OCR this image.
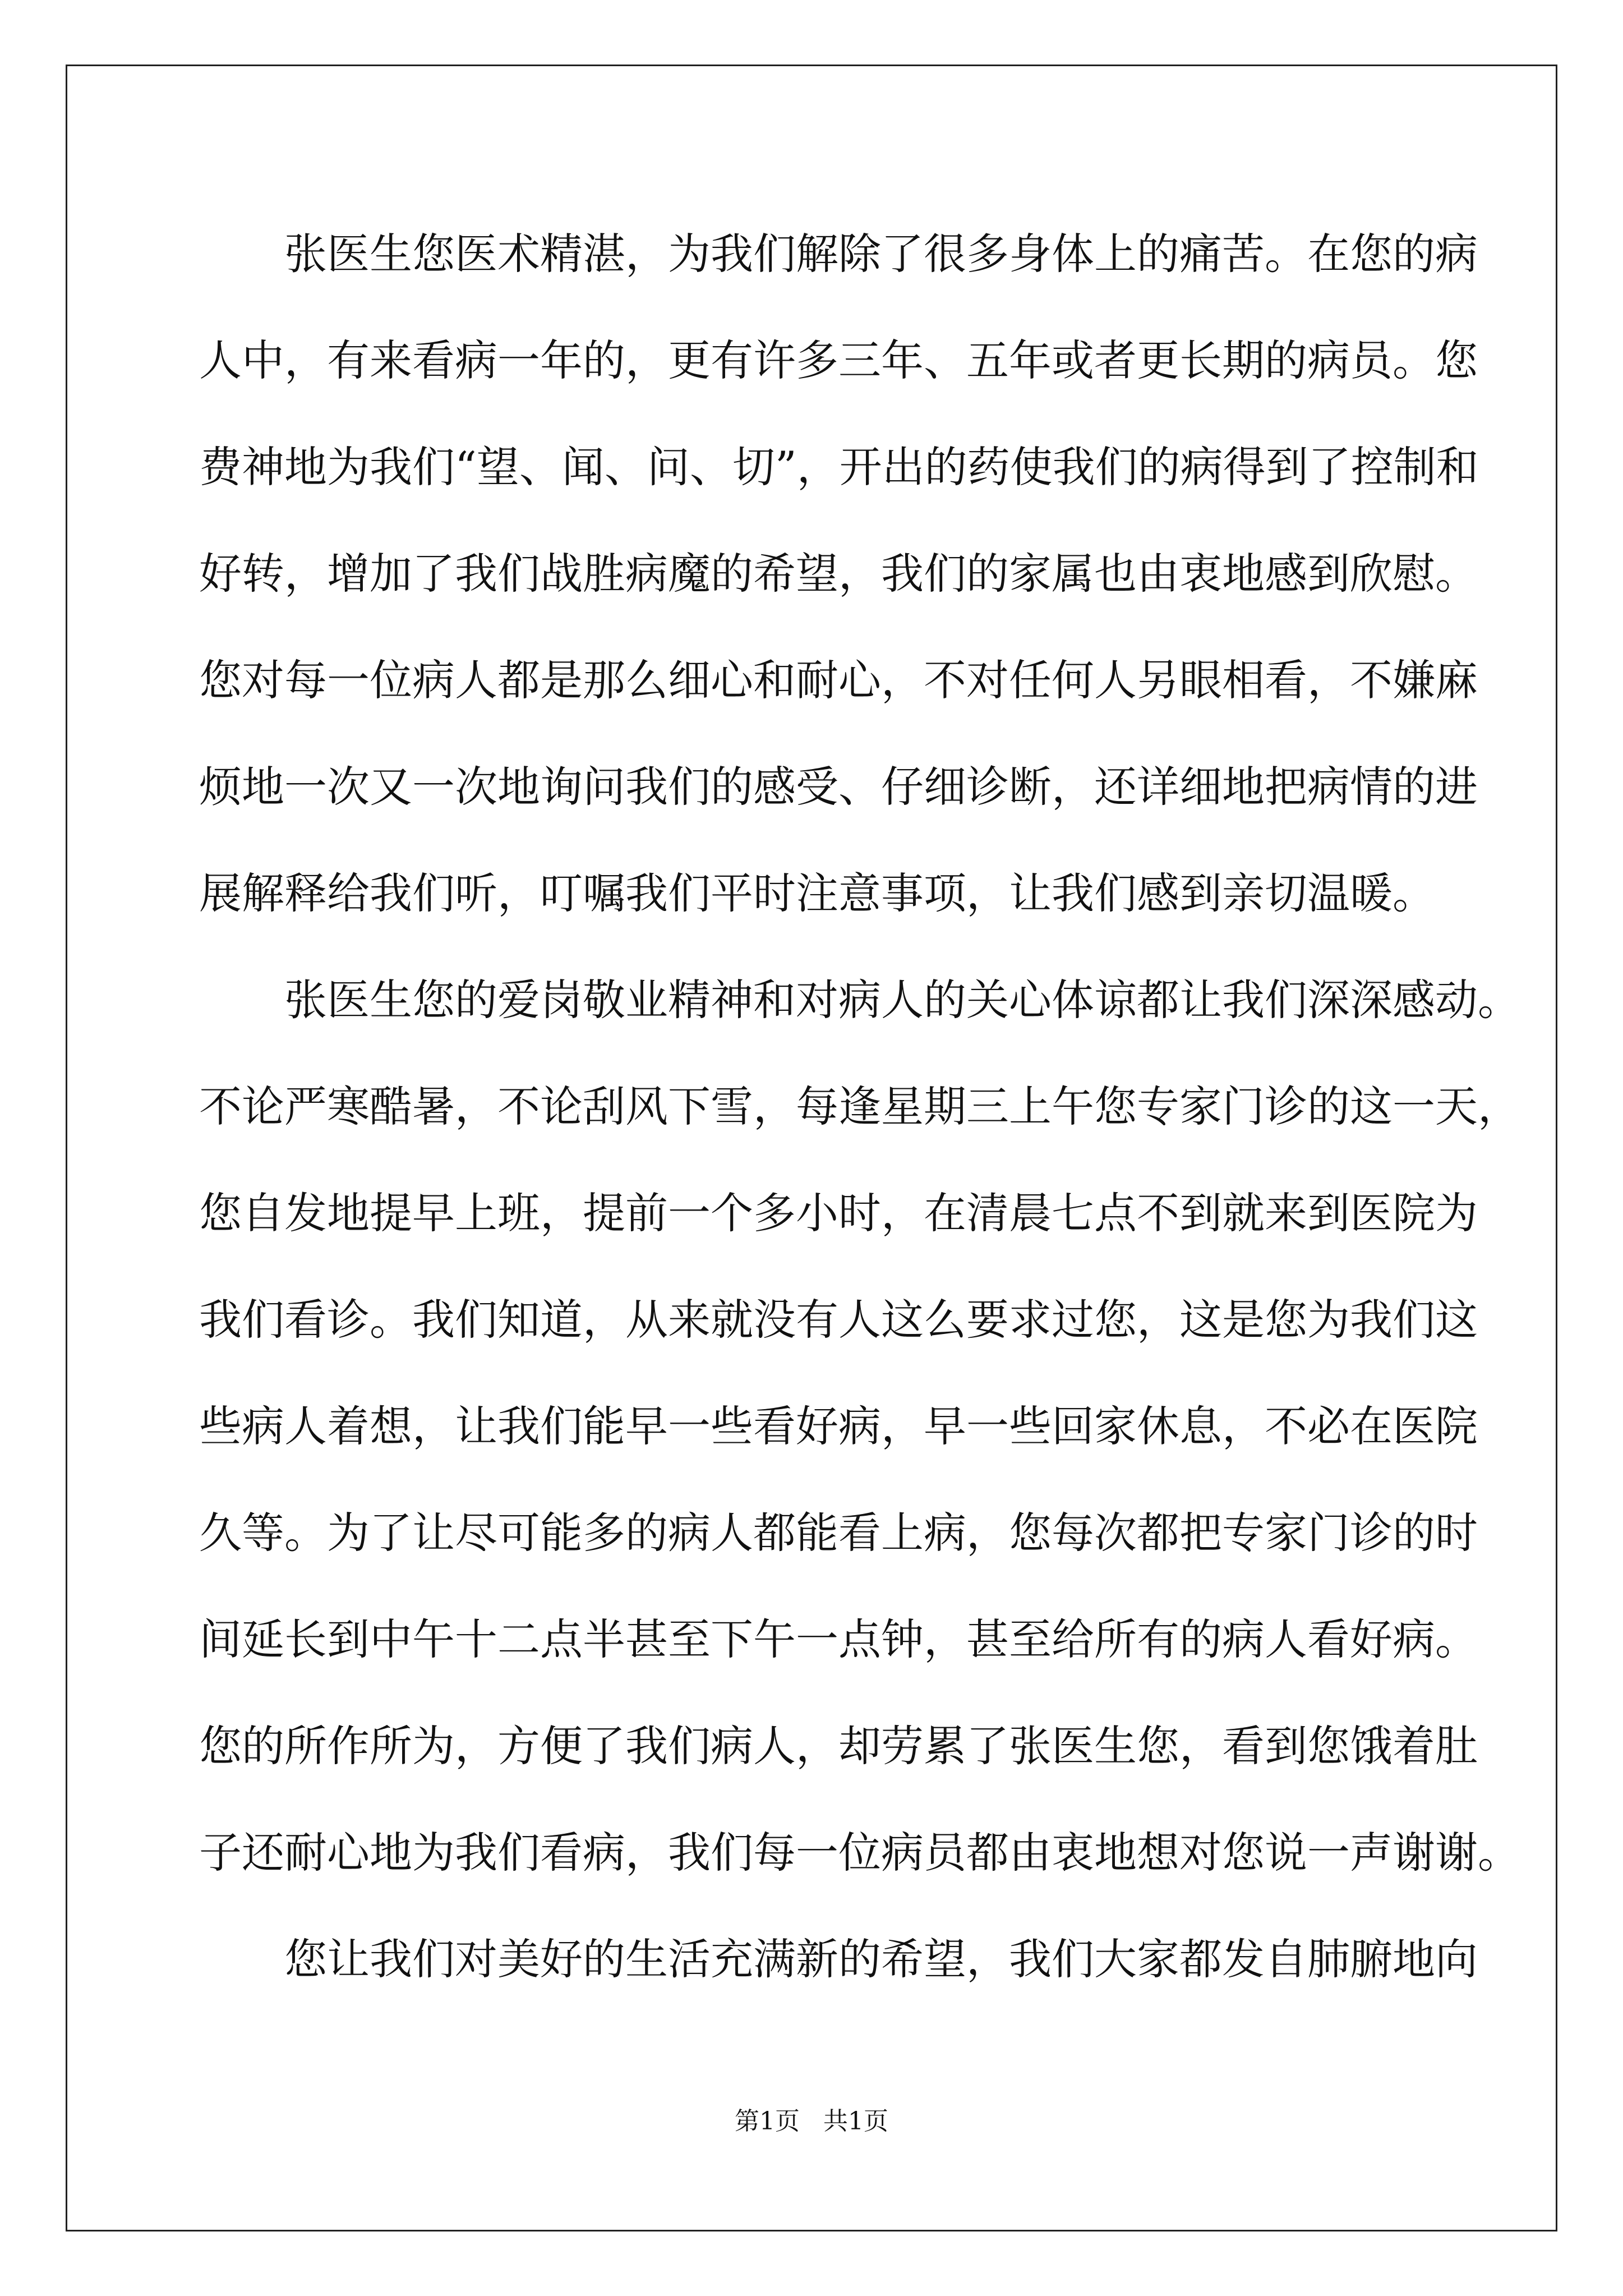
张医生您医术精湛，为我们解除了很多身体上的痛苦。在您的病
人中，有来看病一年的，更有许多三年、五年或者更长期的病员。您
费神地为我们“望、闻、问、切”，开出的药使我们的病得到了控制和
好转，增加了我们战胜病魔的希望，我们的家属也由衷地感到欣慰。
您对每一位病人都是那么细心和耐心，不对任何人另眼相看，不嫌麻
烦地一次又一次地询问我们的感受、仔细诊断，还详细地把病情的进
展解释给我们听，叮嘱我们平时注意事项，让我们感到亲切温暖。
张医生您的爱岗敬业精神和对病人的关心体谅都让我们深深感动。
不论严寒酷暑，不论刮风下雪，每逢星期三上午您专家门诊的这一天，
您自发地提早上班，提前一个多小时，在清晨七点不到就来到医院为
我们看诊。我们知道，从来就没有人这么要求过您，这是您为我们这
些病人着想，让我们能早一些看好病，早一些回家休息，不必在医院
久等。为了让尽可能多的病人都能看上病，您每次都把专家门诊的时
间延长到中午十二点半甚至下午一点钟，甚至给所有的病人看好病。
您的所作所为，方便了我们病人，却劳累了张医生您，看到您饿着肚
子还耐心地为我们看病，我们每一位病员都由衷地想对您说一声谢谢。
您让我们对美好的生活充满新的希望，我们大家都发自肺腑地向
第1页 共1页
